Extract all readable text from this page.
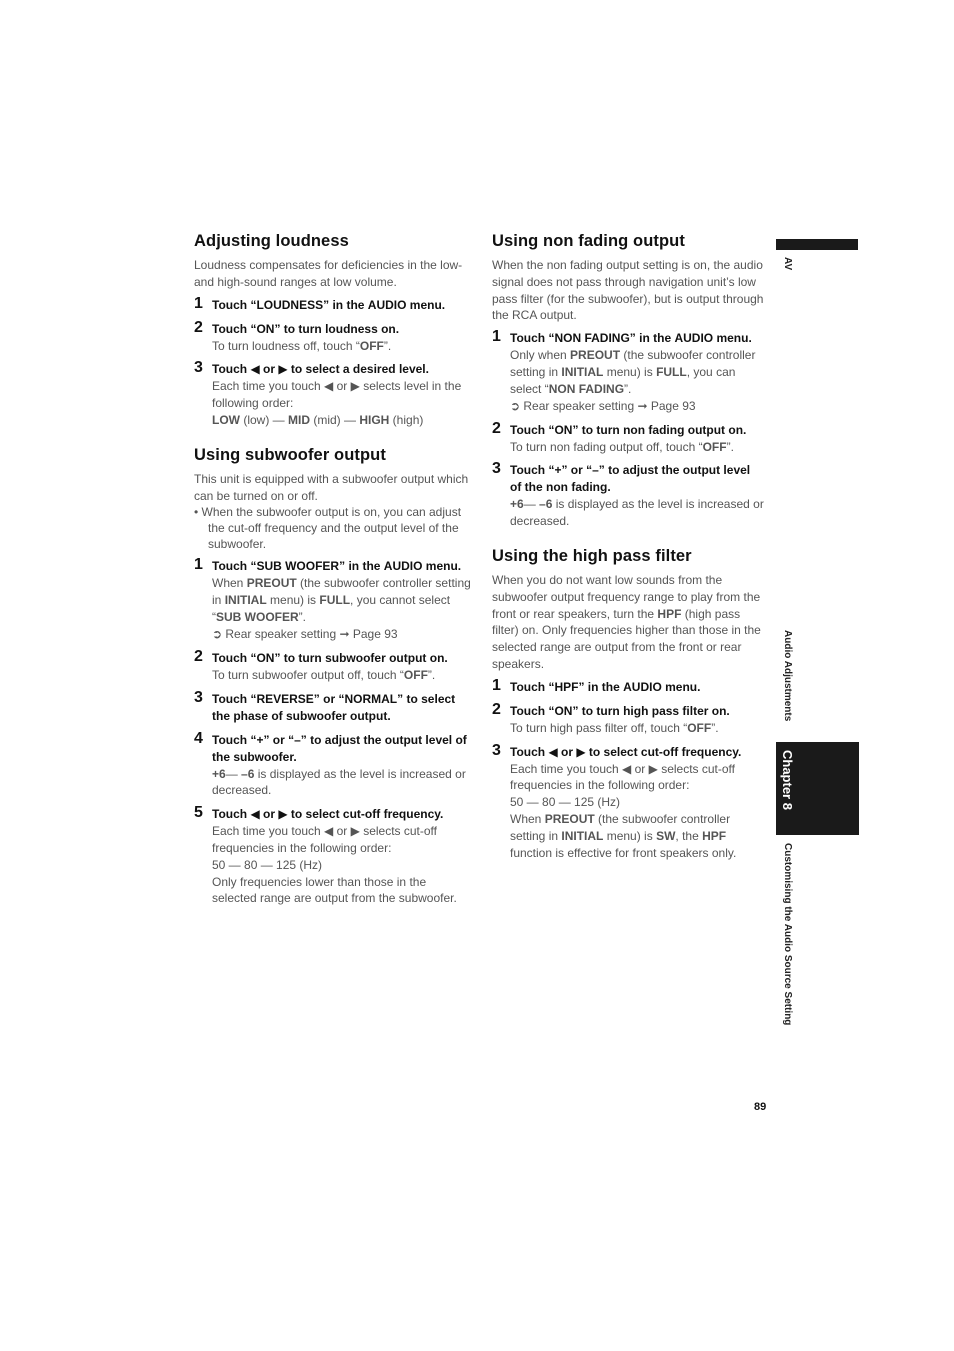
Adjusting loudness

Loudness compensates for deficiencies in the low- and high-sound ranges at low volume.

1 Touch “LOUDNESS” in the AUDIO menu.
2 Touch “ON” to turn loudness on.
To turn loudness off, touch “OFF”.
3 Touch ◀ or ▶ to select a desired level.
Each time you touch ◀ or ▶ selects level in the following order:
LOW (low) — MID (mid) — HIGH (high)
Using subwoofer output

This unit is equipped with a subwoofer output which can be turned on or off.

• When the subwoofer output is on, you can adjust the cut-off frequency and the output level of the subwoofer.

1 Touch “SUB WOOFER” in the AUDIO menu.
When PREOUT (the subwoofer controller setting in INITIAL menu) is FULL, you cannot select “SUB WOOFER”.
➲ Rear speaker setting ➞ Page 93
2 Touch “ON” to turn subwoofer output on.
To turn subwoofer output off, touch “OFF”.
3 Touch “REVERSE” or “NORMAL” to select the phase of subwoofer output.
4 Touch “+” or “–” to adjust the output level of the subwoofer.
+6— –6 is displayed as the level is increased or decreased.
5 Touch ◀ or ▶ to select cut-off frequency.
Each time you touch ◀ or ▶ selects cut-off frequencies in the following order:
50 — 80 — 125 (Hz)
Only frequencies lower than those in the selected range are output from the subwoofer.
Using non fading output

When the non fading output setting is on, the audio signal does not pass through navigation unit’s low pass filter (for the subwoofer), but is output through the RCA output.

1 Touch “NON FADING” in the AUDIO menu.
Only when PREOUT (the subwoofer controller setting in INITIAL menu) is FULL, you can select “NON FADING”.
➲ Rear speaker setting ➞ Page 93
2 Touch “ON” to turn non fading output on.
To turn non fading output off, touch “OFF”.
3 Touch “+” or “–” to adjust the output level of the non fading.
+6— –6 is displayed as the level is increased or decreased.
Using the high pass filter

When you do not want low sounds from the subwoofer output frequency range to play from the front or rear speakers, turn the HPF (high pass filter) on. Only frequencies higher than those in the selected range are output from the front or rear speakers.

1 Touch “HPF” in the AUDIO menu.
2 Touch “ON” to turn high pass filter on.
To turn high pass filter off, touch “OFF”.
3 Touch ◀ or ▶ to select cut-off frequency.
Each time you touch ◀ or ▶ selects cut-off frequencies in the following order:
50 — 80 — 125 (Hz)
When PREOUT (the subwoofer controller setting in INITIAL menu) is SW, the HPF function is effective for front speakers only.
AV
Audio Adjustments
Chapter 8
Customising the Audio Source Setting
89
